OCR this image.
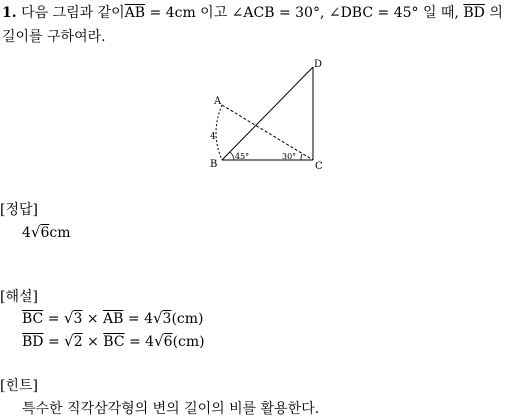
1. 다음 그림과 같이$\overline{AB} = 4cm$ 이고 ∠ACB = 30°, ∠DBC = 45° 일 때, $\overline{BD}$ 의
길이를 구하여라.
A
B	C
D
4
45°	30°
[정답]
4√6cm
[해설]
$\overline{BC} = √3 \times \overline{AB} = 4√3(cm)$
$\overline{BD} = √2 \times \overline{BC} = 4√6(cm)$
[힌트]
특수한 직각삼각형의 변의 길이의 비를 활용한다.
